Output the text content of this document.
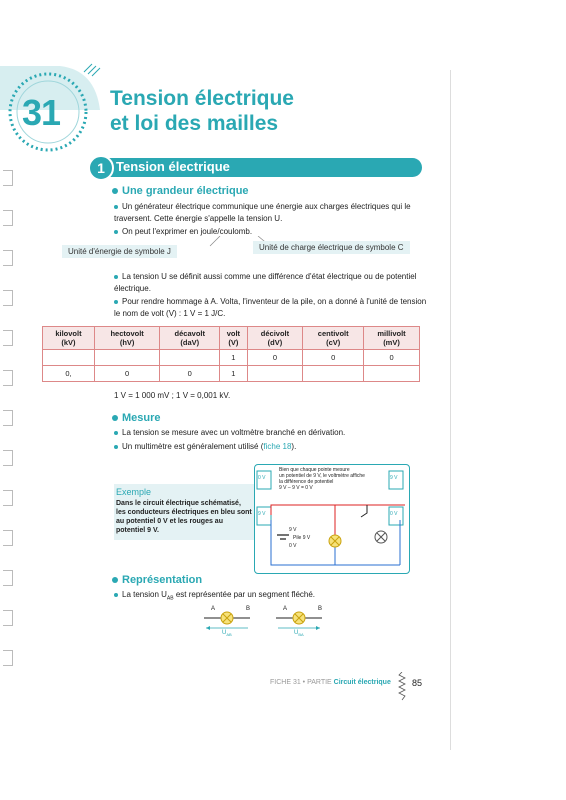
31 Tension électrique
et loi des mailles
1 Tension électrique
Une grandeur électrique
Un générateur électrique communique une énergie aux charges électriques qui le
traversent. Cette énergie s'appelle la tension U.
On peut l'exprimer en joule/coulomb.
Unité d'énergie de symbole J	Unité de charge électrique de symbole C
La tension U se définit aussi comme une différence d'état électrique ou de potentiel
électrique.
Pour rendre hommage à A. Volta, l'inventeur de la pile, on a donné à l'unité de tension
le nom de volt (V) : 1 V = 1 J/C.
kilovolt
(kV)	hectovolt
(hV)	décavolt
(daV)	volt
(V)	décivolt
(dV)	centivolt
(cV)	millivolt
(mV)
			1	0	0	0
0,	0	0	1			
1 V = 1 000 mV ; 1 V = 0,001 kV.
Mesure
La tension se mesure avec un voltmètre branché en dérivation.
Un multimètre est généralement utilisé (fiche 18).
Exemple
Dans le circuit électrique schématisé, les conducteurs électriques en bleu sont au potentiel 0 V et les rouges au potentiel 9 V.
0 V	9 V
9 V	0 V
Bien que chaque pointe mesure
un potentiel de 9 V, le voltmètre affiche
la différence de potentiel
9 V – 9 V = 0 V
9 V
Pile 9 V
0 V
Représentation
La tension $U_{AB}$ est représentée par un segment fléché.
A	B
$U_{AB}$
A	B
$U_{BA}$
FICHE 31 • PARTIE Circuit électrique 85
